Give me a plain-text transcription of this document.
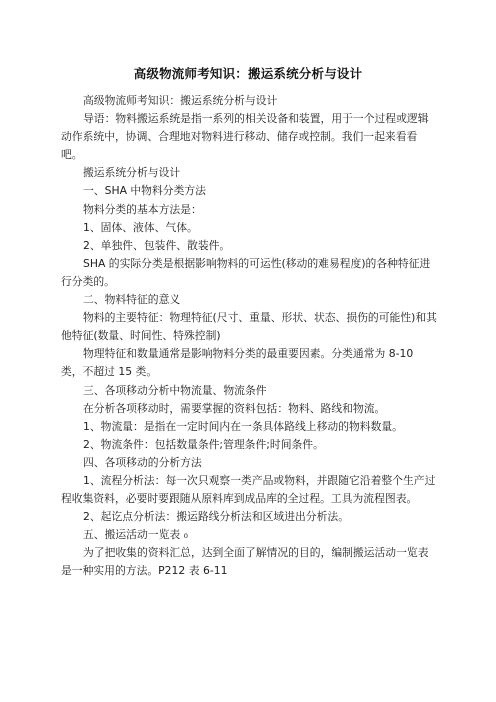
高级物流师考知识：搬运系统分析与设计

高级物流师考知识：搬运系统分析与设计

导语：物料搬运系统是指一系列的相关设备和装置，用于一个过程或逻辑动作系统中，协调、合理地对物料进行移动、储存或控制。我们一起来看看吧。

搬运系统分析与设计

一、SHA 中物料分类方法

物料分类的基本方法是：

1、固体、液体、气体。

2、单独件、包装件、散装件。

SHA 的实际分类是根据影响物料的可运性(移动的难易程度)的各种特征进行分类的。

二、物料特征的意义

物料的主要特征：物理特征(尺寸、重量、形状、状态、损伤的可能性)和其他特征(数量、时间性、特殊控制)

物理特征和数量通常是影响物料分类的最重要因素。分类通常为 8-10 类，不超过 15 类。

三、各项移动分析中物流量、物流条件

在分析各项移动时，需要掌握的资料包括：物料、路线和物流。

1、物流量：是指在一定时间内在一条具体路线上移动的物料数量。

2、物流条件：包括数量条件;管理条件;时间条件。

四、各项移动的分析方法

1、流程分析法：每一次只观察一类产品或物料，并跟随它沿着整个生产过程收集资料，必要时要跟随从原料库到成品库的全过程。工具为流程图表。

2、起讫点分析法：搬运路线分析法和区域进出分析法。

五、搬运活动一览表 ₀

为了把收集的资料汇总，达到全面了解情况的目的，编制搬运活动一览表是一种实用的方法。P212 表 6-11
